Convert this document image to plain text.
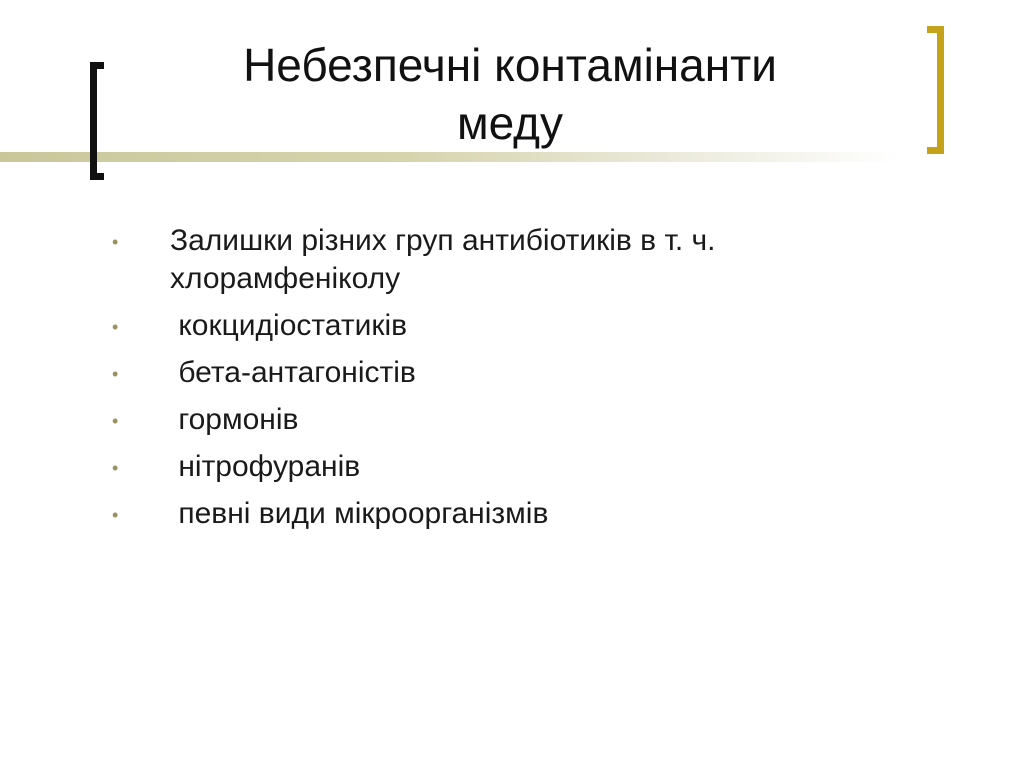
Небезпечні контамінанти
меду
• Залишки різних груп антибіотиків в т. ч. хлорамфеніколу
• кокцидіостатиків
• бета-антагоністів
• гормонів
• нітрофуранів
• певні види мікроорганізмів
